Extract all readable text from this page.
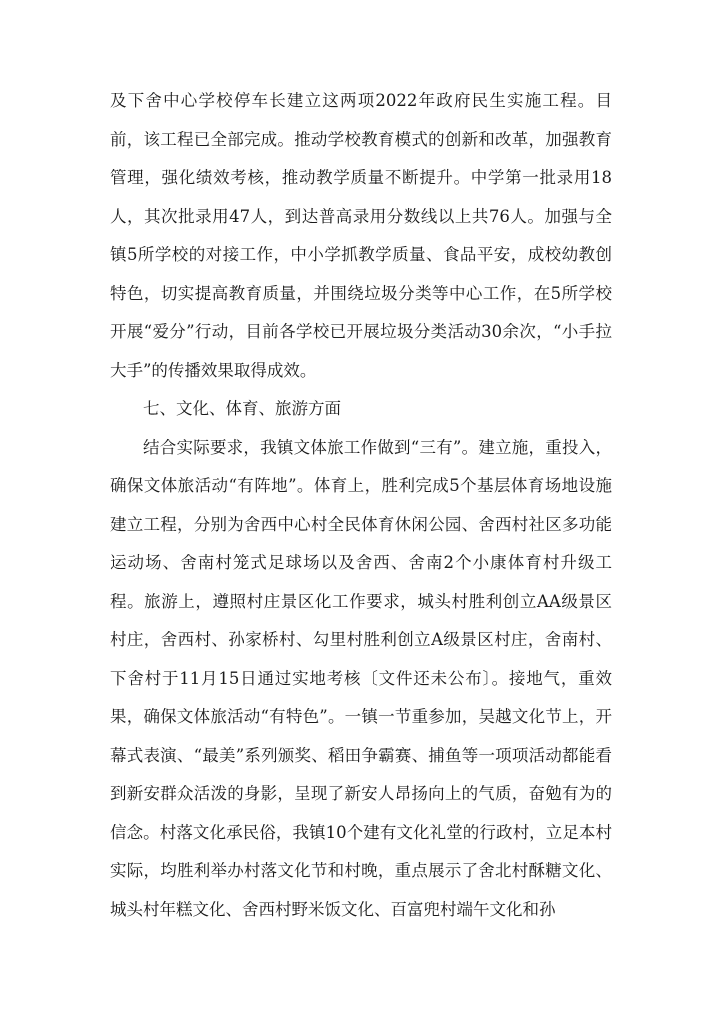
及下舍中心学校停车长建立这两项2022年政府民生实施工程。目前，该工程已全部完成。推动学校教育模式的创新和改革，加强教育管理，强化绩效考核，推动教学质量不断提升。中学第一批录用18人，其次批录用47人，到达普高录用分数线以上共76人。加强与全镇5所学校的对接工作，中小学抓教学质量、食品平安，成校幼教创特色，切实提高教育质量，并围绕垃圾分类等中心工作，在5所学校开展“爱分”行动，目前各学校已开展垃圾分类活动30余次，“小手拉大手”的传播效果取得成效。

七、文化、体育、旅游方面

结合实际要求，我镇文体旅工作做到“三有”。建立施，重投入，确保文体旅活动“有阵地”。体育上，胜利完成5个基层体育场地设施建立工程，分别为舍西中心村全民体育休闲公园、舍西村社区多功能运动场、舍南村笼式足球场以及舍西、舍南2个小康体育村升级工程。旅游上，遵照村庄景区化工作要求，城头村胜利创立AA级景区村庄，舍西村、孙家桥村、勾里村胜利创立A级景区村庄，舍南村、下舍村于11月15日通过实地考核〔文件还未公布〕。接地气，重效果，确保文体旅活动“有特色”。一镇一节重参加，吴越文化节上，开幕式表演、“最美”系列颁奖、稻田争霸赛、捕鱼等一项项活动都能看到新安群众活泼的身影，呈现了新安人昂扬向上的气质，奋勉有为的信念。村落文化承民俗，我镇10个建有文化礼堂的行政村，立足本村实际，均胜利举办村落文化节和村晚，重点展示了舍北村酥糖文化、城头村年糕文化、舍西村野米饭文化、百富兜村端午文化和孙
